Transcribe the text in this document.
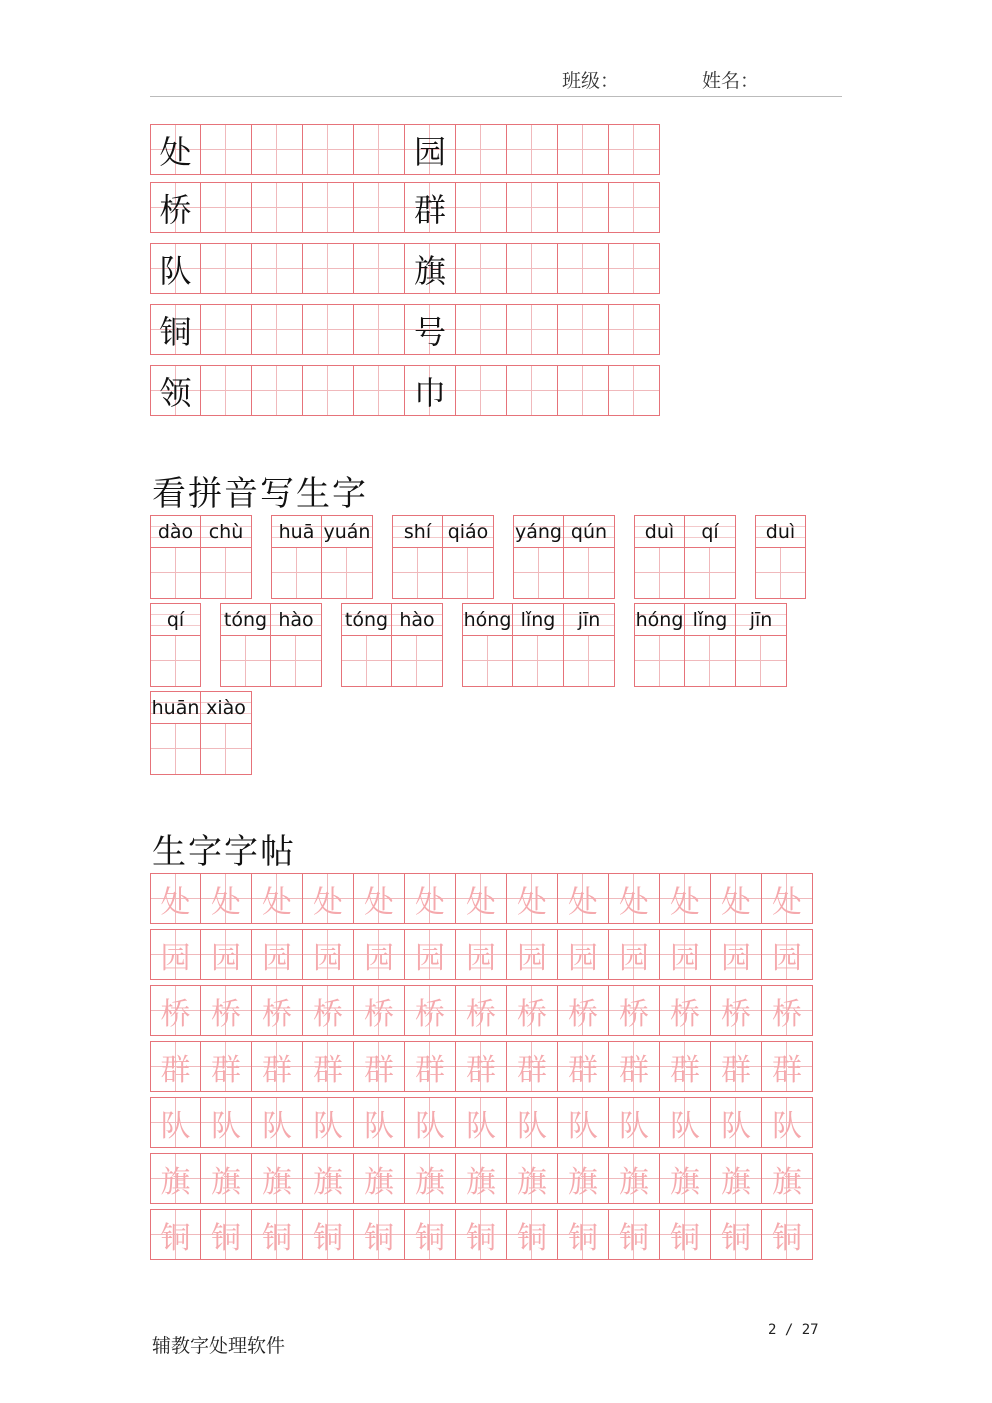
班级：	姓名：
处	园
桥	群
队	旗
铜	号
领	巾
看拼音写生字
dào chù	huā yuán	shí qiáo	yáng qún	duì	qí	duì
qí	tóng hào	tóng hào	hóng lǐng	jīn	hóng lǐng	jīn
huān xiào
生字字帖
处 处 处 处 处 处 处 处 处 处 处 处 处
园 园 园 园 园 园 园 园 园 园 园 园 园
桥 桥 桥 桥 桥 桥 桥 桥 桥 桥 桥 桥 桥
群 群 群 群 群 群 群 群 群 群 群 群 群
队 队 队 队 队 队 队 队 队 队 队 队 队
旗 旗 旗 旗 旗 旗 旗 旗 旗 旗 旗 旗 旗
铜 铜 铜 铜 铜 铜 铜 铜 铜 铜 铜 铜 铜
辅教字处理软件
2 / 27
